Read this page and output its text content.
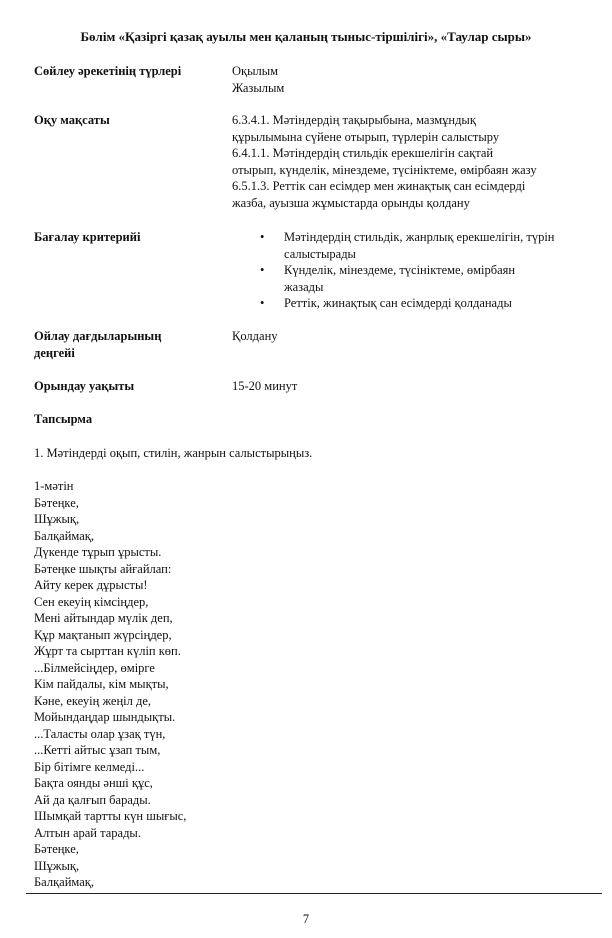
Бөлім «Қазіргі қазақ ауылы мен қаланың тыныс-тіршілігі», «Таулар сыры»
Сөйлеу әрекетінің түрлері	Оқылым
Жазылым
Оқу мақсаты	6.3.4.1. Мәтіндердің тақырыбына, мазмұндық
құрылымына сүйене отырып, түрлерін салыстыру
6.4.1.1. Мәтіндердің стильдік ерекшелігін сақтай
отырып, күнделік, мінездеме, түсініктеме, өмірбаян жазу
6.5.1.3. Реттік сан есімдер мен жинақтық сан есімдерді
жазба, ауызша жұмыстарда орынды қолдану
Бағалау критерийі
•	Мәтіндердің стильдік, жанрлық ерекшелігін, түрін
салыстырады
• Күнделік, мінездеме, түсініктеме, өмірбаян
жазады
• Реттік, жинақтық сан есімдерді қолданады
Ойлау дағдыларының
деңгейі
Қолдану
Орындау уақыты	15-20 минут
Тапсырма
1. Мәтіндерді оқып, стилін, жанрын салыстырыңыз.
1-мәтін
Бәтеңке,
Шұжық,
Балқаймақ,
Дүкенде тұрып ұрысты.
Бәтеңке шықты айғайлап:
Айту керек дұрысты!
Сен екеуің кімсіңдер,
Мені айтындар мүлік деп,
Құр мақтанып жүрсіңдер,
Жұрт та сырттан күліп көп.
...Білмейсіңдер, өмірге
Кім пайдалы, кім мықты,
Кәне, екеуің жеңіл де,
Мойындаңдар шындықты.
...Таласты олар ұзақ түн,
...Кетті айтыс ұзап тым,
Бір бітімге келмеді...
Бақта оянды әнші құс,
Ай да қалғып барады.
Шымқай тартты күн шығыс,
Алтын арай тарады.
Бәтеңке,
Шұжық,
Балқаймақ,
7
